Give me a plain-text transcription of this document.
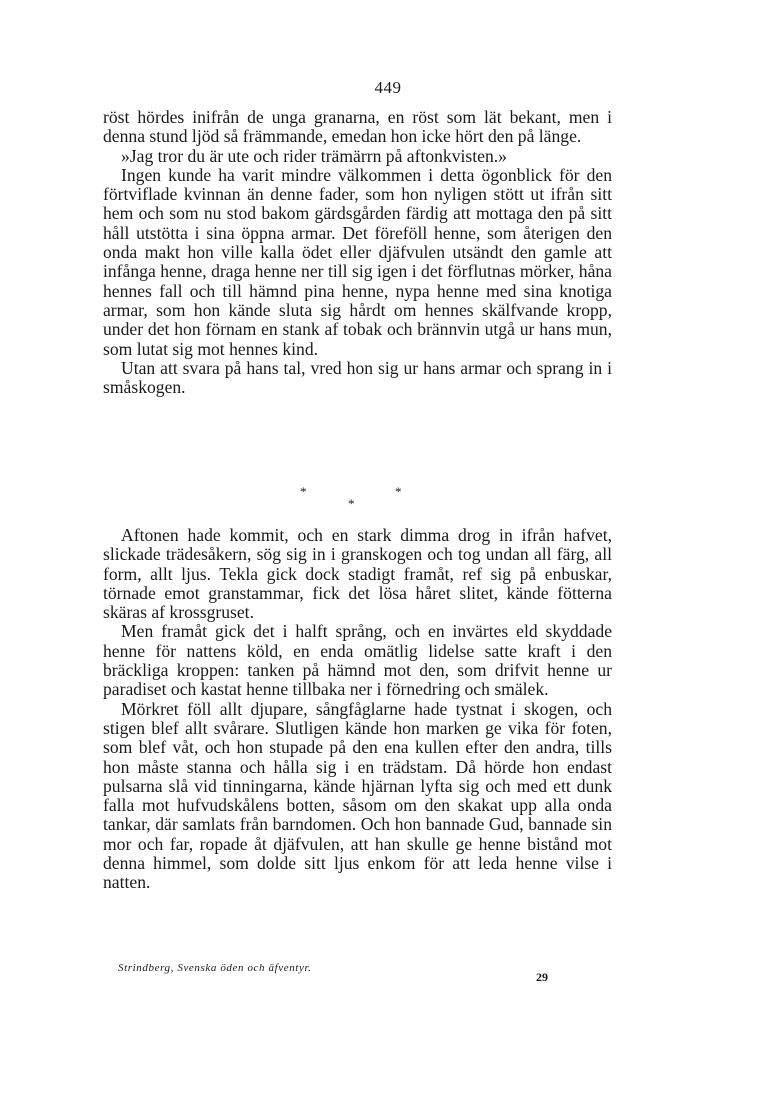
449

röst hördes inifrån de unga granarna, en röst som lät bekant, men i denna stund ljöd så främmande, emedan hon icke hört den på länge.

»Jag tror du är ute och rider trämärrn på aftonkvisten.»

Ingen kunde ha varit mindre välkommen i detta ögonblick för den förtviflade kvinnan än denne fader, som hon nyligen stött ut ifrån sitt hem och som nu stod bakom gärdsgården färdig att mottaga den på sitt håll utstötta i sina öppna armar. Det föreföll henne, som återigen den onda makt hon ville kalla ödet eller djäfvulen utsändt den gamle att infånga henne, draga henne ner till sig igen i det förflutnas mörker, håna hennes fall och till hämnd pina henne, nypa henne med sina knotiga armar, som hon kände sluta sig hårdt om hennes skälfvande kropp, under det hon förnam en stank af tobak och brännvin utgå ur hans mun, som lutat sig mot hennes kind.

Utan att svara på hans tal, vred hon sig ur hans armar och sprang in i småskogen.

*
*
*

Aftonen hade kommit, och en stark dimma drog in ifrån hafvet, slickade trädesåkern, sög sig in i granskogen och tog undan all färg, all form, allt ljus. Tekla gick dock stadigt framåt, ref sig på enbuskar, törnade emot granstammar, fick det lösa håret slitet, kände fötterna skäras af krossgruset.

Men framåt gick det i halft språng, och en invärtes eld skyddade henne för nattens köld, en enda omätlig lidelse satte kraft i den bräckliga kroppen: tanken på hämnd mot den, som drifvit henne ur paradiset och kastat henne tillbaka ner i förnedring och smälek.

Mörkret föll allt djupare, sångfåglarne hade tystnat i skogen, och stigen blef allt svårare. Slutligen kände hon marken ge vika för foten, som blef våt, och hon stupade på den ena kullen efter den andra, tills hon måste stanna och hålla sig i en trädstam. Då hörde hon endast pulsarna slå vid tinningarna, kände hjärnan lyfta sig och med ett dunk falla mot hufvudskålens botten, såsom om den skakat upp alla onda tankar, där samlats från barndomen. Och hon bannade Gud, bannade sin mor och far, ropade åt djäfvulen, att han skulle ge henne bistånd mot denna himmel, som dolde sitt ljus enkom för att leda henne vilse i natten.

Strindberg, Svenska öden och äfventyr.
29
